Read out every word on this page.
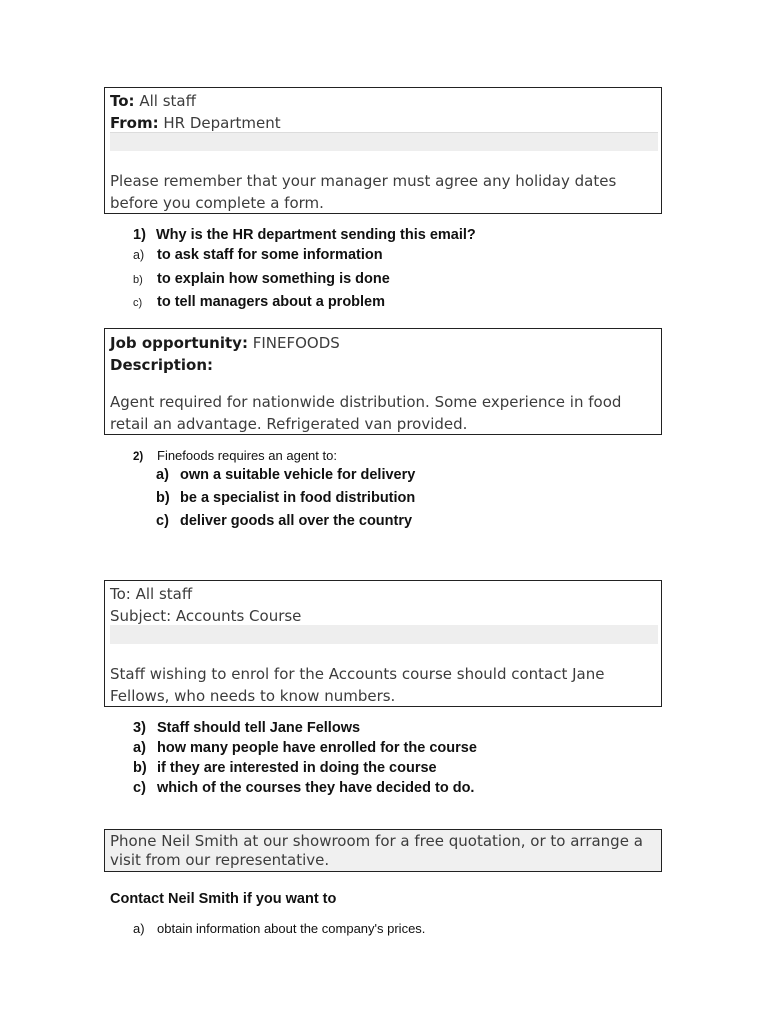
To: All staff
From: HR Department
Please remember that your manager must agree any holiday dates
before you complete a form.
1) Why is the HR department sending this email?
a) to ask staff for some information
b) to explain how something is done
c) to tell managers about a problem
Job opportunity: FINEFOODS
Description:
Agent required for nationwide distribution. Some experience in food
retail an advantage. Refrigerated van provided.
2) Finefoods requires an agent to:
a) own a suitable vehicle for delivery
b) be a specialist in food distribution
c) deliver goods all over the country
To: All staff
Subject: Accounts Course
Staff wishing to enrol for the Accounts course should contact Jane
Fellows, who needs to know numbers.
3) Staff should tell Jane Fellows
a) how many people have enrolled for the course
b) if they are interested in doing the course
c) which of the courses they have decided to do.
Phone Neil Smith at our showroom for a free quotation, or to arrange a
visit from our representative.
Contact Neil Smith if you want to
a) obtain information about the company's prices.
